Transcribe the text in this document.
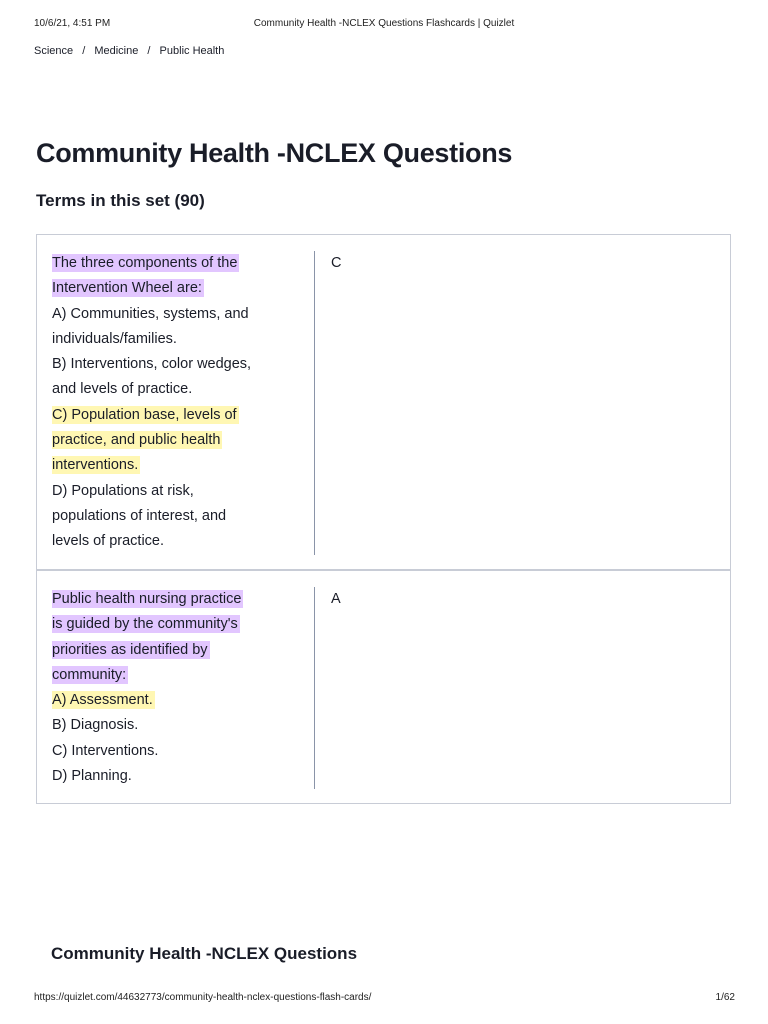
10/6/21, 4:51 PM	Community Health -NCLEX Questions Flashcards | Quizlet
Science / Medicine / Public Health
Community Health -NCLEX Questions
Terms in this set (90)
The three components of the
Intervention Wheel are:
A) Communities, systems, and
individuals/families.
B) Interventions, color wedges,
and levels of practice.
C) Population base, levels of
practice, and public health
interventions.
D) Populations at risk,
populations of interest, and
levels of practice.
C
Public health nursing practice
is guided by the community's
priorities as identified by
community:
A) Assessment.
B) Diagnosis.
C) Interventions.
D) Planning.
A
Community Health -NCLEX Questions
https://quizlet.com/44632773/community-health-nclex-questions-flash-cards/	1/62
